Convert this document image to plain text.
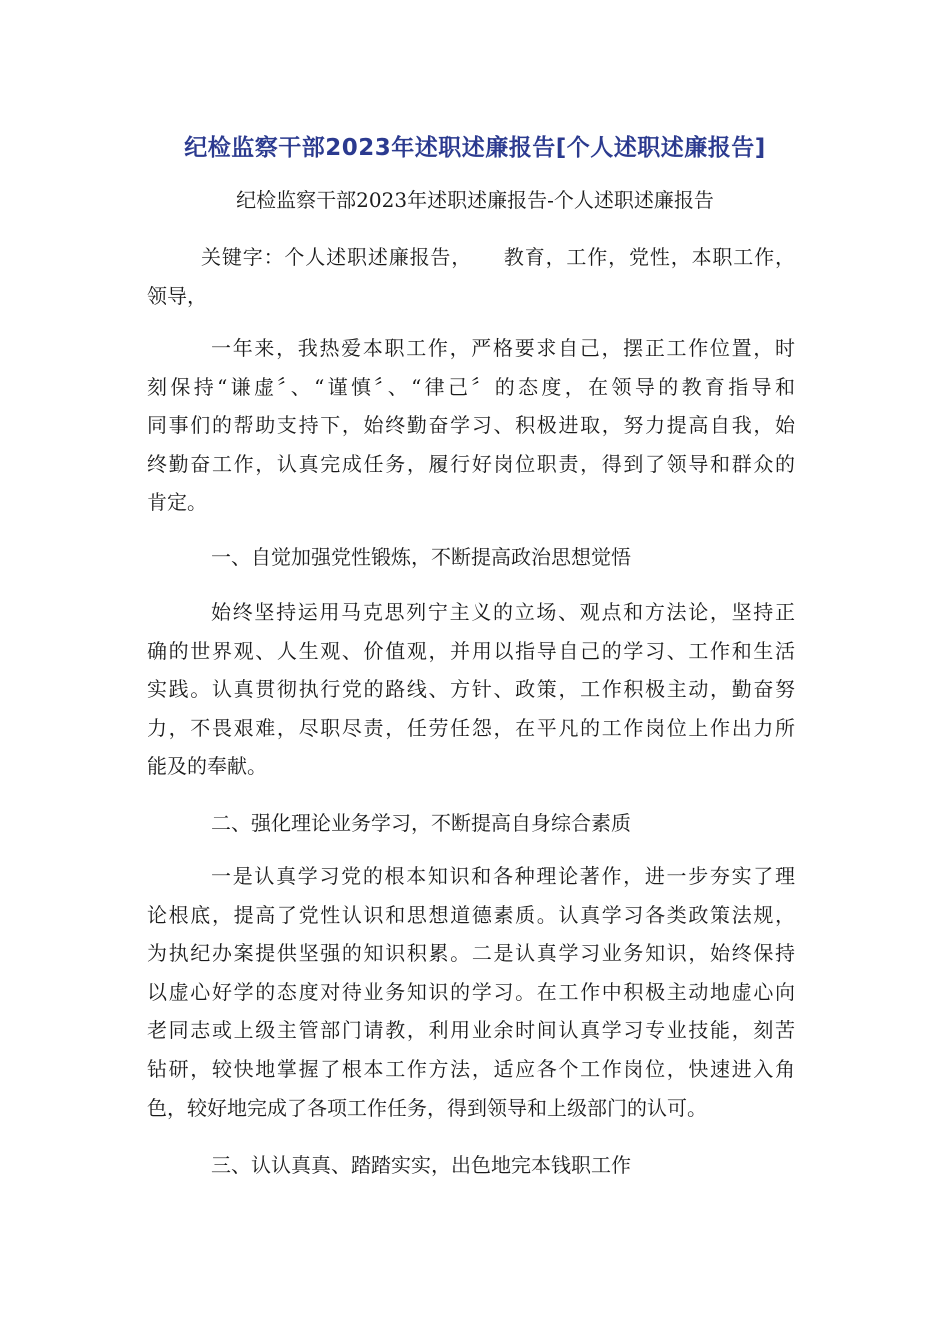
纪检监察干部2023年述职述廉报告[个人述职述廉报告]
纪检监察干部2023年述职述廉报告-个人述职述廉报告
关键字：个人述职述廉报告，　　教育，工作，党性，本职工作，
领导，
一年来，我热爱本职工作，严格要求自己，摆正工作位置，时
刻保持“谦虚〞、“谨慎〞、“律己〞的态度，在领导的教育指导和
同事们的帮助支持下，始终勤奋学习、积极进取，努力提高自我，始
终勤奋工作，认真完成任务，履行好岗位职责，得到了领导和群众的
肯定。
一、自觉加强党性锻炼，不断提高政治思想觉悟
始终坚持运用马克思列宁主义的立场、观点和方法论，坚持正
确的世界观、人生观、价值观，并用以指导自己的学习、工作和生活
实践。认真贯彻执行党的路线、方针、政策，工作积极主动，勤奋努
力，不畏艰难，尽职尽责，任劳任怨，在平凡的工作岗位上作出力所
能及的奉献。
二、强化理论业务学习，不断提高自身综合素质
一是认真学习党的根本知识和各种理论著作，进一步夯实了理
论根底，提高了党性认识和思想道德素质。认真学习各类政策法规，
为执纪办案提供坚强的知识积累。二是认真学习业务知识，始终保持
以虚心好学的态度对待业务知识的学习。在工作中积极主动地虚心向
老同志或上级主管部门请教，利用业余时间认真学习专业技能，刻苦
钻研，较快地掌握了根本工作方法，适应各个工作岗位，快速进入角
色，较好地完成了各项工作任务，得到领导和上级部门的认可。
三、认认真真、踏踏实实，出色地完本钱职工作
